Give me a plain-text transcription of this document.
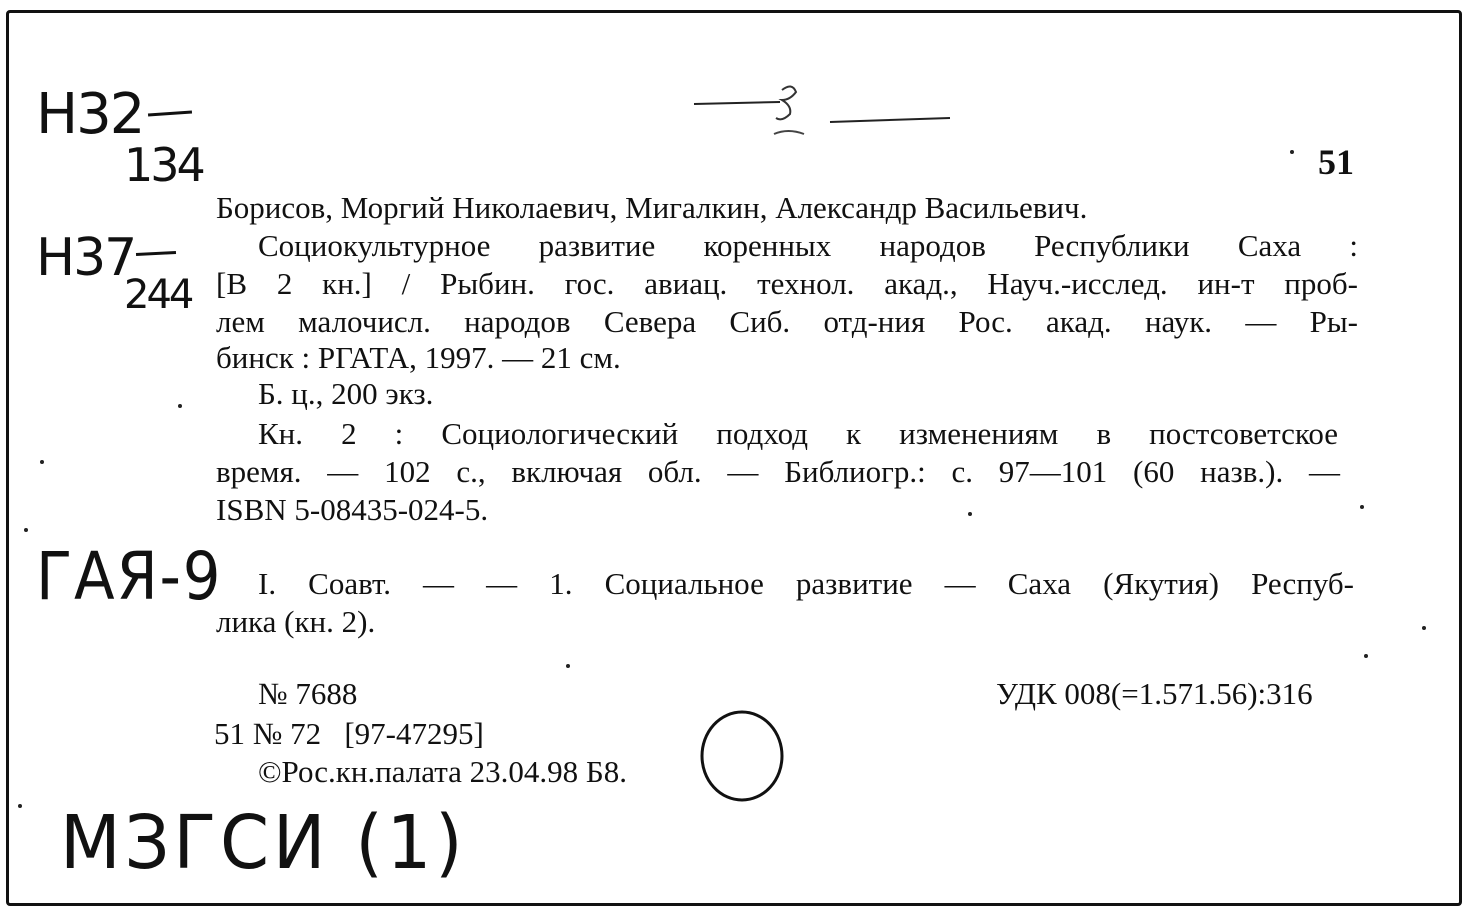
Н32
134
Н37
244
ГАЯ-9
МЗГСИ (1)
51
Борисов, Моргий Николаевич, Мигалкин, Александр Васильевич.
Социокультурное развитие коренных народов Республики Саха :
[В 2 кн.] / Рыбин. гос. авиац. технол. акад., Науч.-исслед. ин-т проб-
лем малочисл. народов Севера Сиб. отд-ния Рос. акад. наук. — Ры-
бинск : РГАТА, 1997. — 21 см.
Б. ц., 200 экз.
Кн. 2 : Социологический подход к изменениям в постсоветское
время. — 102 с., включая обл. — Библиогр.: с. 97—101 (60 назв.). —
ISBN 5-08435-024-5.
I. Соавт. — — 1. Социальное развитие — Саха (Якутия) Респуб-
лика (кн. 2).
№ 7688	УДК 008(=1.571.56):316
51 № 72   [97-47295]
©Рос.кн.палата 23.04.98 Б8.
